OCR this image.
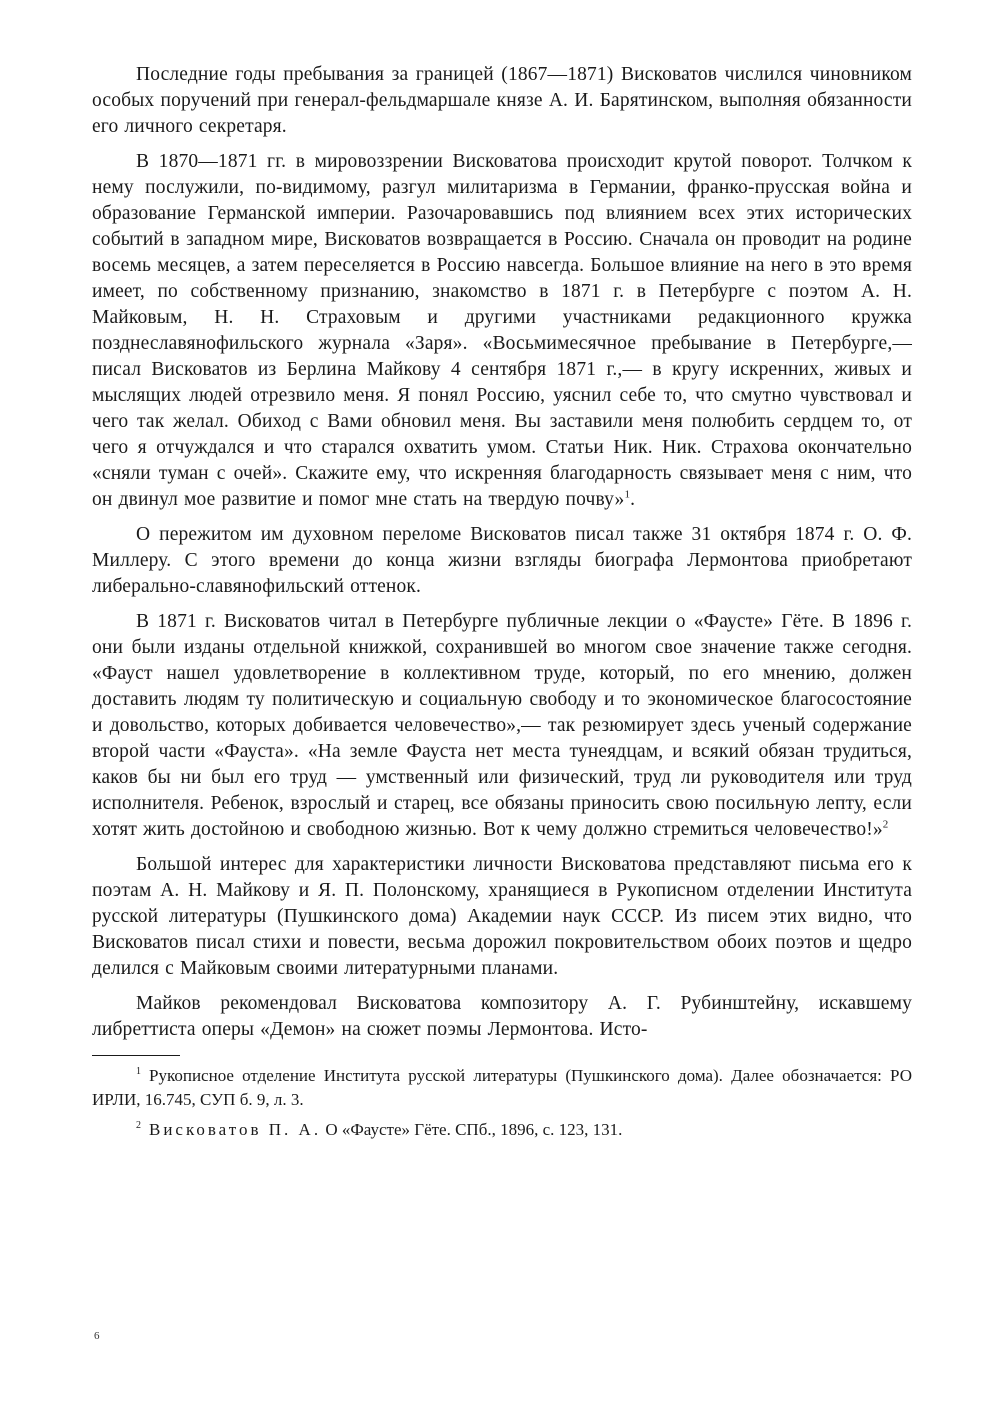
Последние годы пребывания за границей (1867—1871) Висковатов числился чиновником особых поручений при генерал-фельдмаршале князе А. И. Барятинском, выполняя обязанности его личного секретаря.

В 1870—1871 гг. в мировоззрении Висковатова происходит крутой поворот. Толчком к нему послужили, по-видимому, разгул милитаризма в Германии, франко-прусская война и образование Германской империи. Разочаровавшись под влиянием всех этих исторических событий в западном мире, Висковатов возвращается в Россию. Сначала он проводит на родине восемь месяцев, а затем переселяется в Россию навсегда. Большое влияние на него в это время имеет, по собственному признанию, знакомство в 1871 г. в Петербурге с поэтом А. Н. Майковым, Н. Н. Страховым и другими участниками редакционного кружка позднеславянофильского журнала «Заря». «Восьмимесячное пребывание в Петербурге,— писал Висковатов из Берлина Майкову 4 сентября 1871 г.,— в кругу искренних, живых и мыслящих людей отрезвило меня. Я понял Россию, уяснил себе то, что смутно чувствовал и чего так желал. Обиход с Вами обновил меня. Вы заставили меня полюбить сердцем то, от чего я отчуждался и что старался охватить умом. Статьи Ник. Ник. Страхова окончательно «сняли туман с очей». Скажите ему, что искренняя благодарность связывает меня с ним, что он двинул мое развитие и помог мне стать на твердую почву»$^1$.

О пережитом им духовном переломе Висковатов писал также 31 октября 1874 г. О. Ф. Миллеру. С этого времени до конца жизни взгляды биографа Лермонтова приобретают либерально-славянофильский оттенок.

В 1871 г. Висковатов читал в Петербурге публичные лекции о «Фаусте» Гёте. В 1896 г. они были изданы отдельной книжкой, сохранившей во многом свое значение также сегодня. «Фауст нашел удовлетворение в коллективном труде, который, по его мнению, должен доставить людям ту политическую и социальную свободу и то экономическое благосостояние и довольство, которых добивается человечество»,— так резюмирует здесь ученый содержание второй части «Фауста». «На земле Фауста нет места тунеядцам, и всякий обязан трудиться, каков бы ни был его труд — умственный или физический, труд ли руководителя или труд исполнителя. Ребенок, взрослый и старец, все обязаны приносить свою посильную лепту, если хотят жить достойною и свободною жизнью. Вот к чему должно стремиться человечество!»$^2$

Большой интерес для характеристики личности Висковатова представляют письма его к поэтам А. Н. Майкову и Я. П. Полонскому, хранящиеся в Рукописном отделении Института русской литературы (Пушкинского дома) Академии наук СССР. Из писем этих видно, что Висковатов писал стихи и повести, весьма дорожил покровительством обоих поэтов и щедро делился с Майковым своими литературными планами.

Майков рекомендовал Висковатова композитору А. Г. Рубинштейну, искавшему либреттиста оперы «Демон» на сюжет поэмы Лермонтова. Исто-

$^1$ Рукописное отделение Института русской литературы (Пушкинского дома). Далее обозначается: РО ИРЛИ, 16.745, СУП б. 9, л. 3.

$^2$ Висковатов П. А. О «Фаусте» Гёте. СПб., 1896, с. 123, 131.

6
